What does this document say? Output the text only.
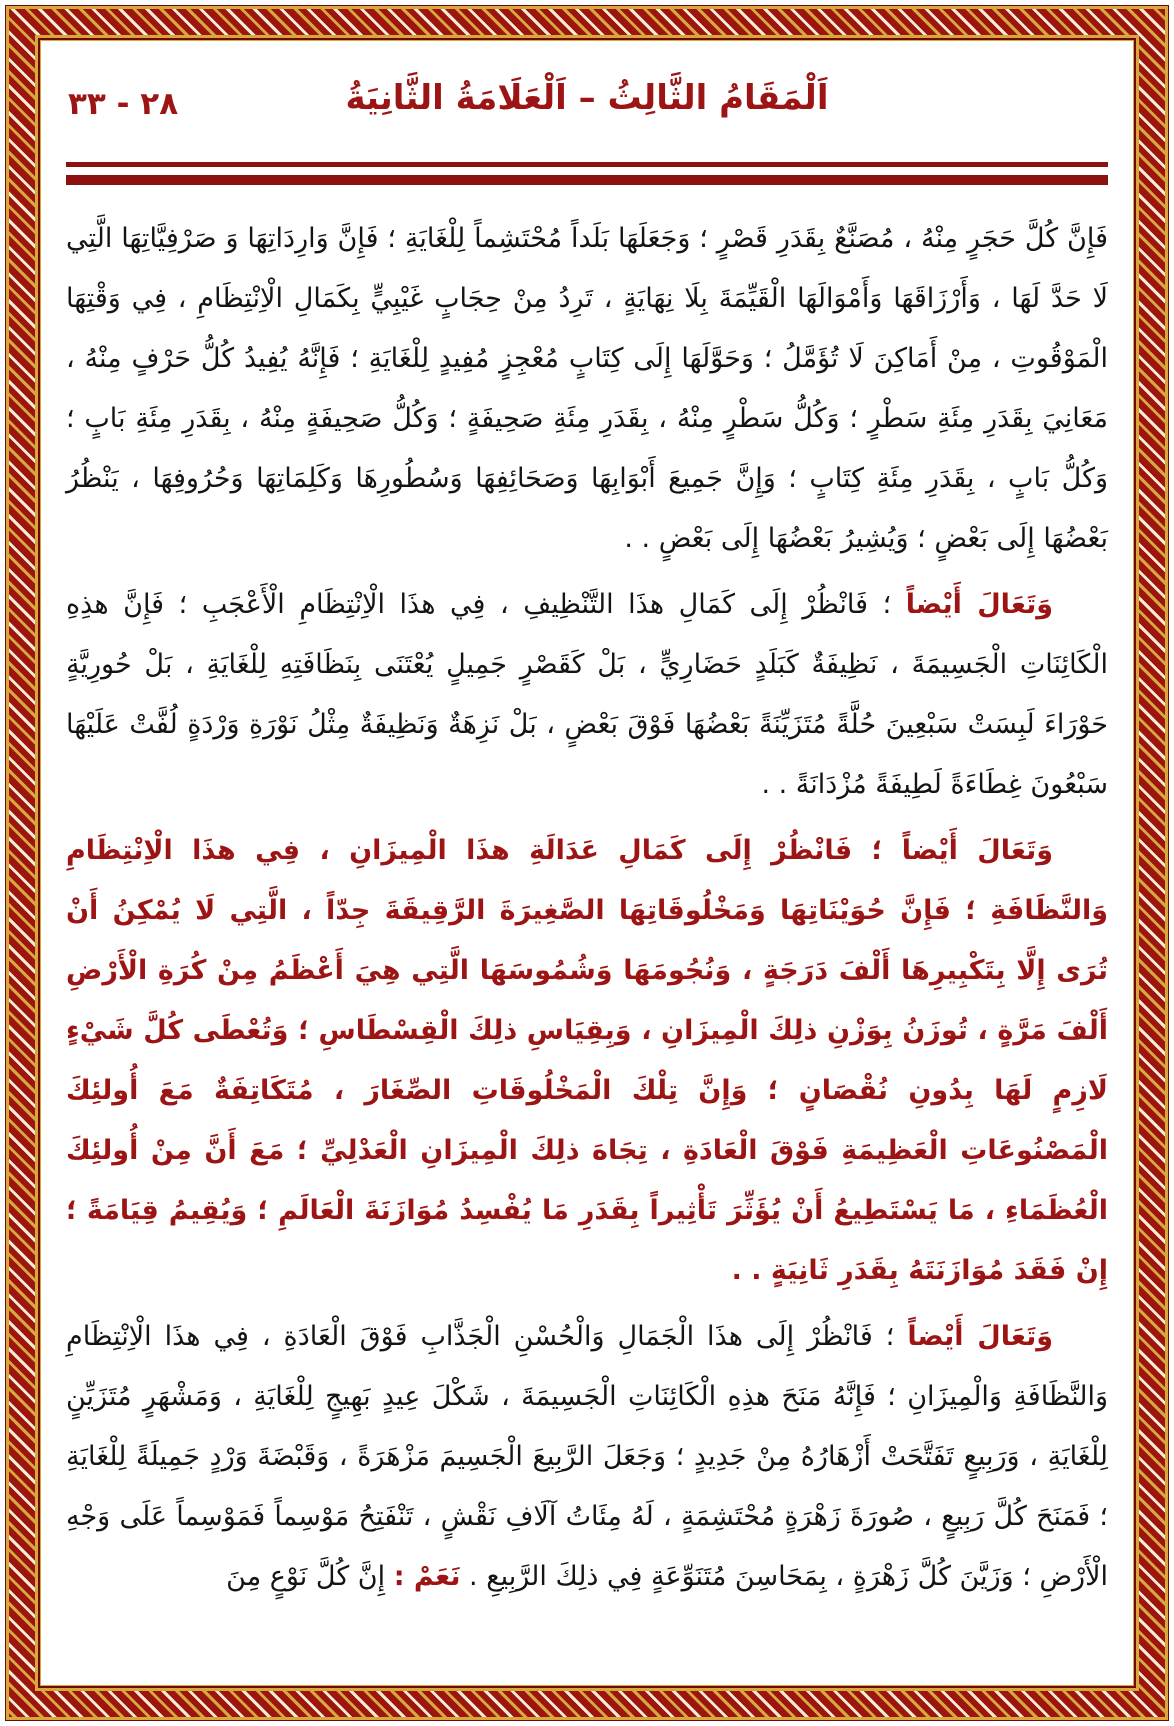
٢٨ - ٣٣	اَلْمَقَامُ الثَّالِثُ – اَلْعَلَامَةُ الثَّانِيَةُ

فَإِنَّ كُلَّ حَجَرٍ مِنْهُ ، مُصَنَّعٌ بِقَدَرِ قَصْرٍ ؛ وَجَعَلَهَا بَلَداً مُحْتَشِماً لِلْغَايَةِ ؛ فَإِنَّ وَارِدَاتِهَا وَ صَرْفِيَّاتِهَا الَّتِي لَا حَدَّ لَهَا ، وَأَرْزَاقَهَا وَأَمْوَالَهَا الْقَيِّمَةَ بِلَا نِهَايَةٍ ، تَرِدُ مِنْ حِجَابٍ غَيْبِيٍّ بِكَمَالِ الْاِنْتِظَامِ ، فِي وَقْتِهَا الْمَوْقُوتِ ، مِنْ أَمَاكِنَ لَا تُؤَمَّلُ ؛ وَحَوَّلَهَا إِلَى كِتَابٍ مُعْجِزٍ مُفِيدٍ لِلْغَايَةِ ؛ فَإِنَّهُ يُفِيدُ كُلُّ حَرْفٍ مِنْهُ ، مَعَانِيَ بِقَدَرِ مِئَةِ سَطْرٍ ؛ وَكُلُّ سَطْرٍ مِنْهُ ، بِقَدَرِ مِئَةِ صَحِيفَةٍ ؛ وَكُلُّ صَحِيفَةٍ مِنْهُ ، بِقَدَرِ مِئَةِ بَابٍ ؛ وَكُلُّ بَابٍ ، بِقَدَرِ مِئَةِ كِتَابٍ ؛ وَإِنَّ جَمِيعَ أَبْوَابِهَا وَصَحَائِفِهَا وَسُطُورِهَا وَكَلِمَاتِهَا وَحُرُوفِهَا ، يَنْظُرُ بَعْضُهَا إِلَى بَعْضٍ ؛ وَيُشِيرُ بَعْضُهَا إِلَى بَعْضٍ . .

وَتَعَالَ أَيْضاً ؛ فَانْظُرْ إِلَى كَمَالِ هذَا التَّنْظِيفِ ، فِي هذَا الْاِنْتِظَامِ الْأَعْجَبِ ؛ فَإِنَّ هذِهِ الْكَائِنَاتِ الْجَسِيمَةَ ، نَظِيفَةٌ كَبَلَدٍ حَضَارِيٍّ ، بَلْ كَقَصْرٍ جَمِيلٍ يُعْتَنَى بِنَظَافَتِهِ لِلْغَايَةِ ، بَلْ حُورِيَّةٍ حَوْرَاءَ لَبِسَتْ سَبْعِينَ حُلَّةً مُتَزَيِّنَةً بَعْضُهَا فَوْقَ بَعْضٍ ، بَلْ نَزِهَةٌ وَنَظِيفَةٌ مِثْلُ نَوْرَةِ وَرْدَةٍ لُفَّتْ عَلَيْهَا سَبْعُونَ غِطَاءَةً لَطِيفَةً مُزْدَانَةً . .

وَتَعَالَ أَيْضاً ؛ فَانْظُرْ إِلَى كَمَالِ عَدَالَةِ هذَا الْمِيزَانِ ، فِي هذَا الْاِنْتِظَامِ وَالنَّظَافَةِ ؛ فَإِنَّ حُوَيْنَاتِهَا وَمَخْلُوقَاتِهَا الصَّغِيرَةَ الرَّقِيقَةَ جِدّاً ، الَّتِي لَا يُمْكِنُ أَنْ تُرَى إِلَّا بِتَكْبِيرِهَا أَلْفَ دَرَجَةٍ ، وَنُجُومَهَا وَشُمُوسَهَا الَّتِي هِيَ أَعْظَمُ مِنْ كُرَةِ الْأَرْضِ أَلْفَ مَرَّةٍ ، تُوزَنُ بِوَزْنِ ذلِكَ الْمِيزَانِ ، وَبِقِيَاسِ ذلِكَ الْقِسْطَاسِ ؛ وَتُعْطَى كُلَّ شَيْءٍ لَازِمٍ لَهَا بِدُونِ نُقْصَانٍ ؛ وَإِنَّ تِلْكَ الْمَخْلُوقَاتِ الصِّغَارَ ، مُتَكَاتِفَةٌ مَعَ أُولئِكَ الْمَصْنُوعَاتِ الْعَظِيمَةِ فَوْقَ الْعَادَةِ ، تِجَاهَ ذلِكَ الْمِيزَانِ الْعَدْلِيِّ ؛ مَعَ أَنَّ مِنْ أُولئِكَ الْعُظَمَاءِ ، مَا يَسْتَطِيعُ أَنْ يُؤَثِّرَ تَأْثِيراً بِقَدَرِ مَا يُفْسِدُ مُوَازَنَةَ الْعَالَمِ ؛ وَيُقِيمُ قِيَامَةً ؛ إِنْ فَقَدَ مُوَازَنَتَهُ بِقَدَرِ ثَانِيَةٍ . .

وَتَعَالَ أَيْضاً ؛ فَانْظُرْ إِلَى هذَا الْجَمَالِ وَالْحُسْنِ الْجَذَّابِ فَوْقَ الْعَادَةِ ، فِي هذَا الْاِنْتِظَامِ وَالنَّظَافَةِ وَالْمِيزَانِ ؛ فَإِنَّهُ مَنَحَ هذِهِ الْكَائِنَاتِ الْجَسِيمَةَ ، شَكْلَ عِيدٍ بَهِيجٍ لِلْغَايَةِ ، وَمَشْهَرٍ مُتَزَيِّنٍ لِلْغَايَةِ ، وَرَبِيعٍ تَفَتَّحَتْ أَزْهَارُهُ مِنْ جَدِيدٍ ؛ وَجَعَلَ الرَّبِيعَ الْجَسِيمَ مَزْهَرَةً ، وَقَبْضَةَ وَرْدٍ جَمِيلَةً لِلْغَايَةِ ؛ فَمَنَحَ كُلَّ رَبِيعٍ ، صُورَةَ زَهْرَةٍ مُحْتَشِمَةٍ ، لَهُ مِئَاتُ آلَافِ نَقْشٍ ، تَنْفَتِحُ مَوْسِماً فَمَوْسِماً عَلَى وَجْهِ الْأَرْضِ ؛ وَزَيَّنَ كُلَّ زَهْرَةٍ ، بِمَحَاسِنَ مُتَنَوِّعَةٍ فِي ذلِكَ الرَّبِيعِ . نَعَمْ : إِنَّ كُلَّ نَوْعٍ مِنَ
